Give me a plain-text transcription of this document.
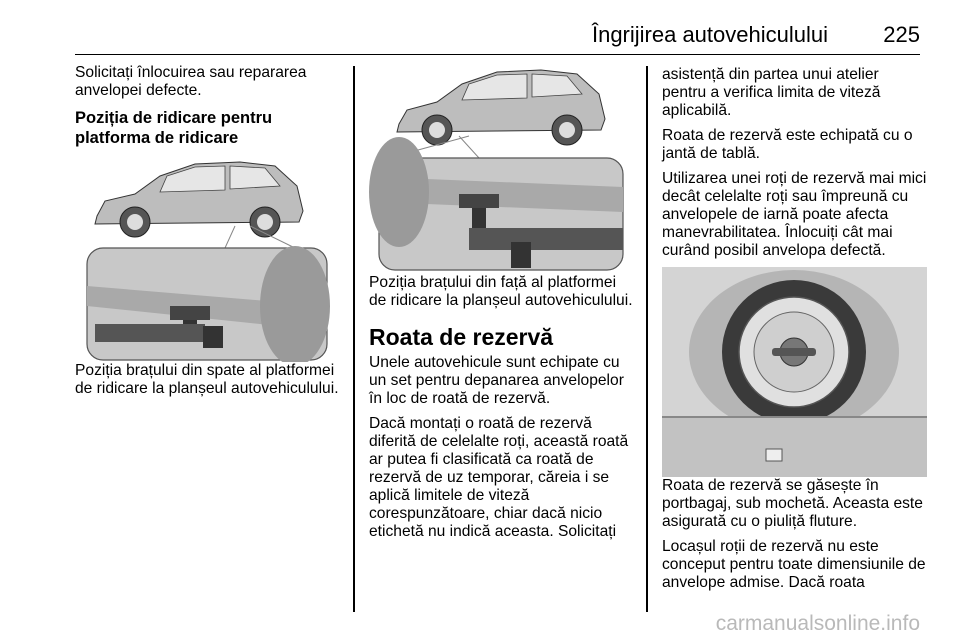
Îngrijirea autovehiculului	225

Solicitați înlocuirea sau repararea anvelopei defecte.

Poziția de ridicare pentru platforma de ridicare

Poziția brațului din spate al platformei de ridicare la planșeul autovehiculului.

Poziția brațului din față al platformei de ridicare la planșeul autovehiculului.

Roata de rezervă

Unele autovehicule sunt echipate cu un set pentru depanarea anvelopelor în loc de roată de rezervă.

Dacă montați o roată de rezervă diferită de celelalte roți, această roată ar putea fi clasificată ca roată de rezervă de uz temporar, căreia i se aplică limitele de viteză corespunzătoare, chiar dacă nicio etichetă nu indică aceasta. Solicitați

asistență din partea unui atelier pentru a verifica limita de viteză aplicabilă.

Roata de rezervă este echipată cu o jantă de tablă.

Utilizarea unei roți de rezervă mai mici decât celelalte roți sau împreună cu anvelopele de iarnă poate afecta manevrabilitatea. Înlocuiți cât mai curând posibil anvelopa defectă.

Roata de rezervă se găsește în portbagaj, sub mochetă. Aceasta este asigurată cu o piuliță fluture.

Locașul roții de rezervă nu este conceput pentru toate dimensiunile de anvelope admise. Dacă roata

carmanualsonline.info
